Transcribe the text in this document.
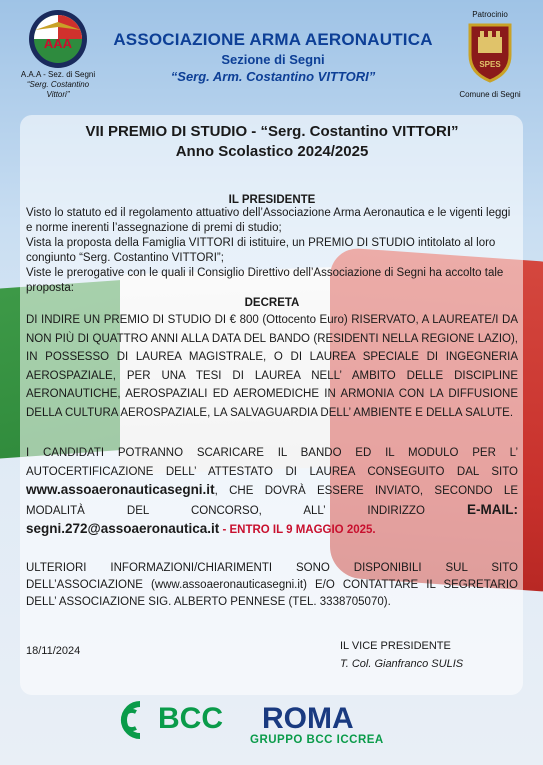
AAA
A.A.A - Sez. di Segni
“Serg. Costantino Vittori”
ASSOCIAZIONE ARMA AERONAUTICA
Sezione di Segni
“Serg. Arm. Costantino VITTORI”
Patrocinio
SPES
Comune di Segni
VII PREMIO DI STUDIO - “Serg. Costantino VITTORI”
Anno Scolastico 2024/2025
IL PRESIDENTE

Visto lo statuto ed il regolamento attuativo dell’Associazione Arma Aeronautica e le vigenti leggi e norme inerenti l’assegnazione di premi di studio;

Vista la proposta della Famiglia VITTORI di istituire, un PREMIO DI STUDIO intitolato al loro congiunto “Serg. Costantino VITTORI”;

Viste le prerogative con le quali il Consiglio Direttivo dell’Associazione di Segni ha accolto tale proposta:

DECRETA

DI INDIRE UN PREMIO DI STUDIO DI € 800 (Ottocento Euro) RISERVATO, A LAUREATE/I DA NON PIÙ DI QUATTRO ANNI ALLA DATA DEL BANDO (RESIDENTI NELLA REGIONE LAZIO), IN POSSESSO DI LAUREA MAGISTRALE, O DI LAUREA SPECIALE DI INGEGNERIA AEROSPAZIALE, PER UNA TESI DI LAUREA NELL’ AMBITO DELLE DISCIPLINE AERONAUTICHE, AEROSPAZIALI ED AEROMEDICHE IN ARMONIA CON LA DIFFUSIONE DELLA CULTURA AEROSPAZIALE, LA SALVAGUARDIA DELL’ AMBIENTE E DELLA SALUTE.

I CANDIDATI POTRANNO SCARICARE IL BANDO ED IL MODULO PER L’ AUTOCERTIFICAZIONE DELL’ ATTESTATO DI LAUREA CONSEGUITO DAL SITO www.assoaeronauticasegni.it, CHE DOVRÀ ESSERE INVIATO, SECONDO LE MODALITÀ DEL CONCORSO, ALL’ INDIRIZZO E-MAIL: segni.272@assoaeronautica.it - ENTRO IL 9 MAGGIO 2025.

ULTERIORI INFORMAZIONI/CHIARIMENTI SONO DISPONIBILI SUL SITO DELL’ASSOCIAZIONE (www.assoaeronauticasegni.it) E/O CONTATTARE IL SEGRETARIO DELL’ ASSOCIAZIONE SIG. ALBERTO PENNESE (TEL. 3338705070).

18/11/2024	IL VICE PRESIDENTE
T. Col. Gianfranco SULIS
BCC ROMA
GRUPPO BCC ICCREA
